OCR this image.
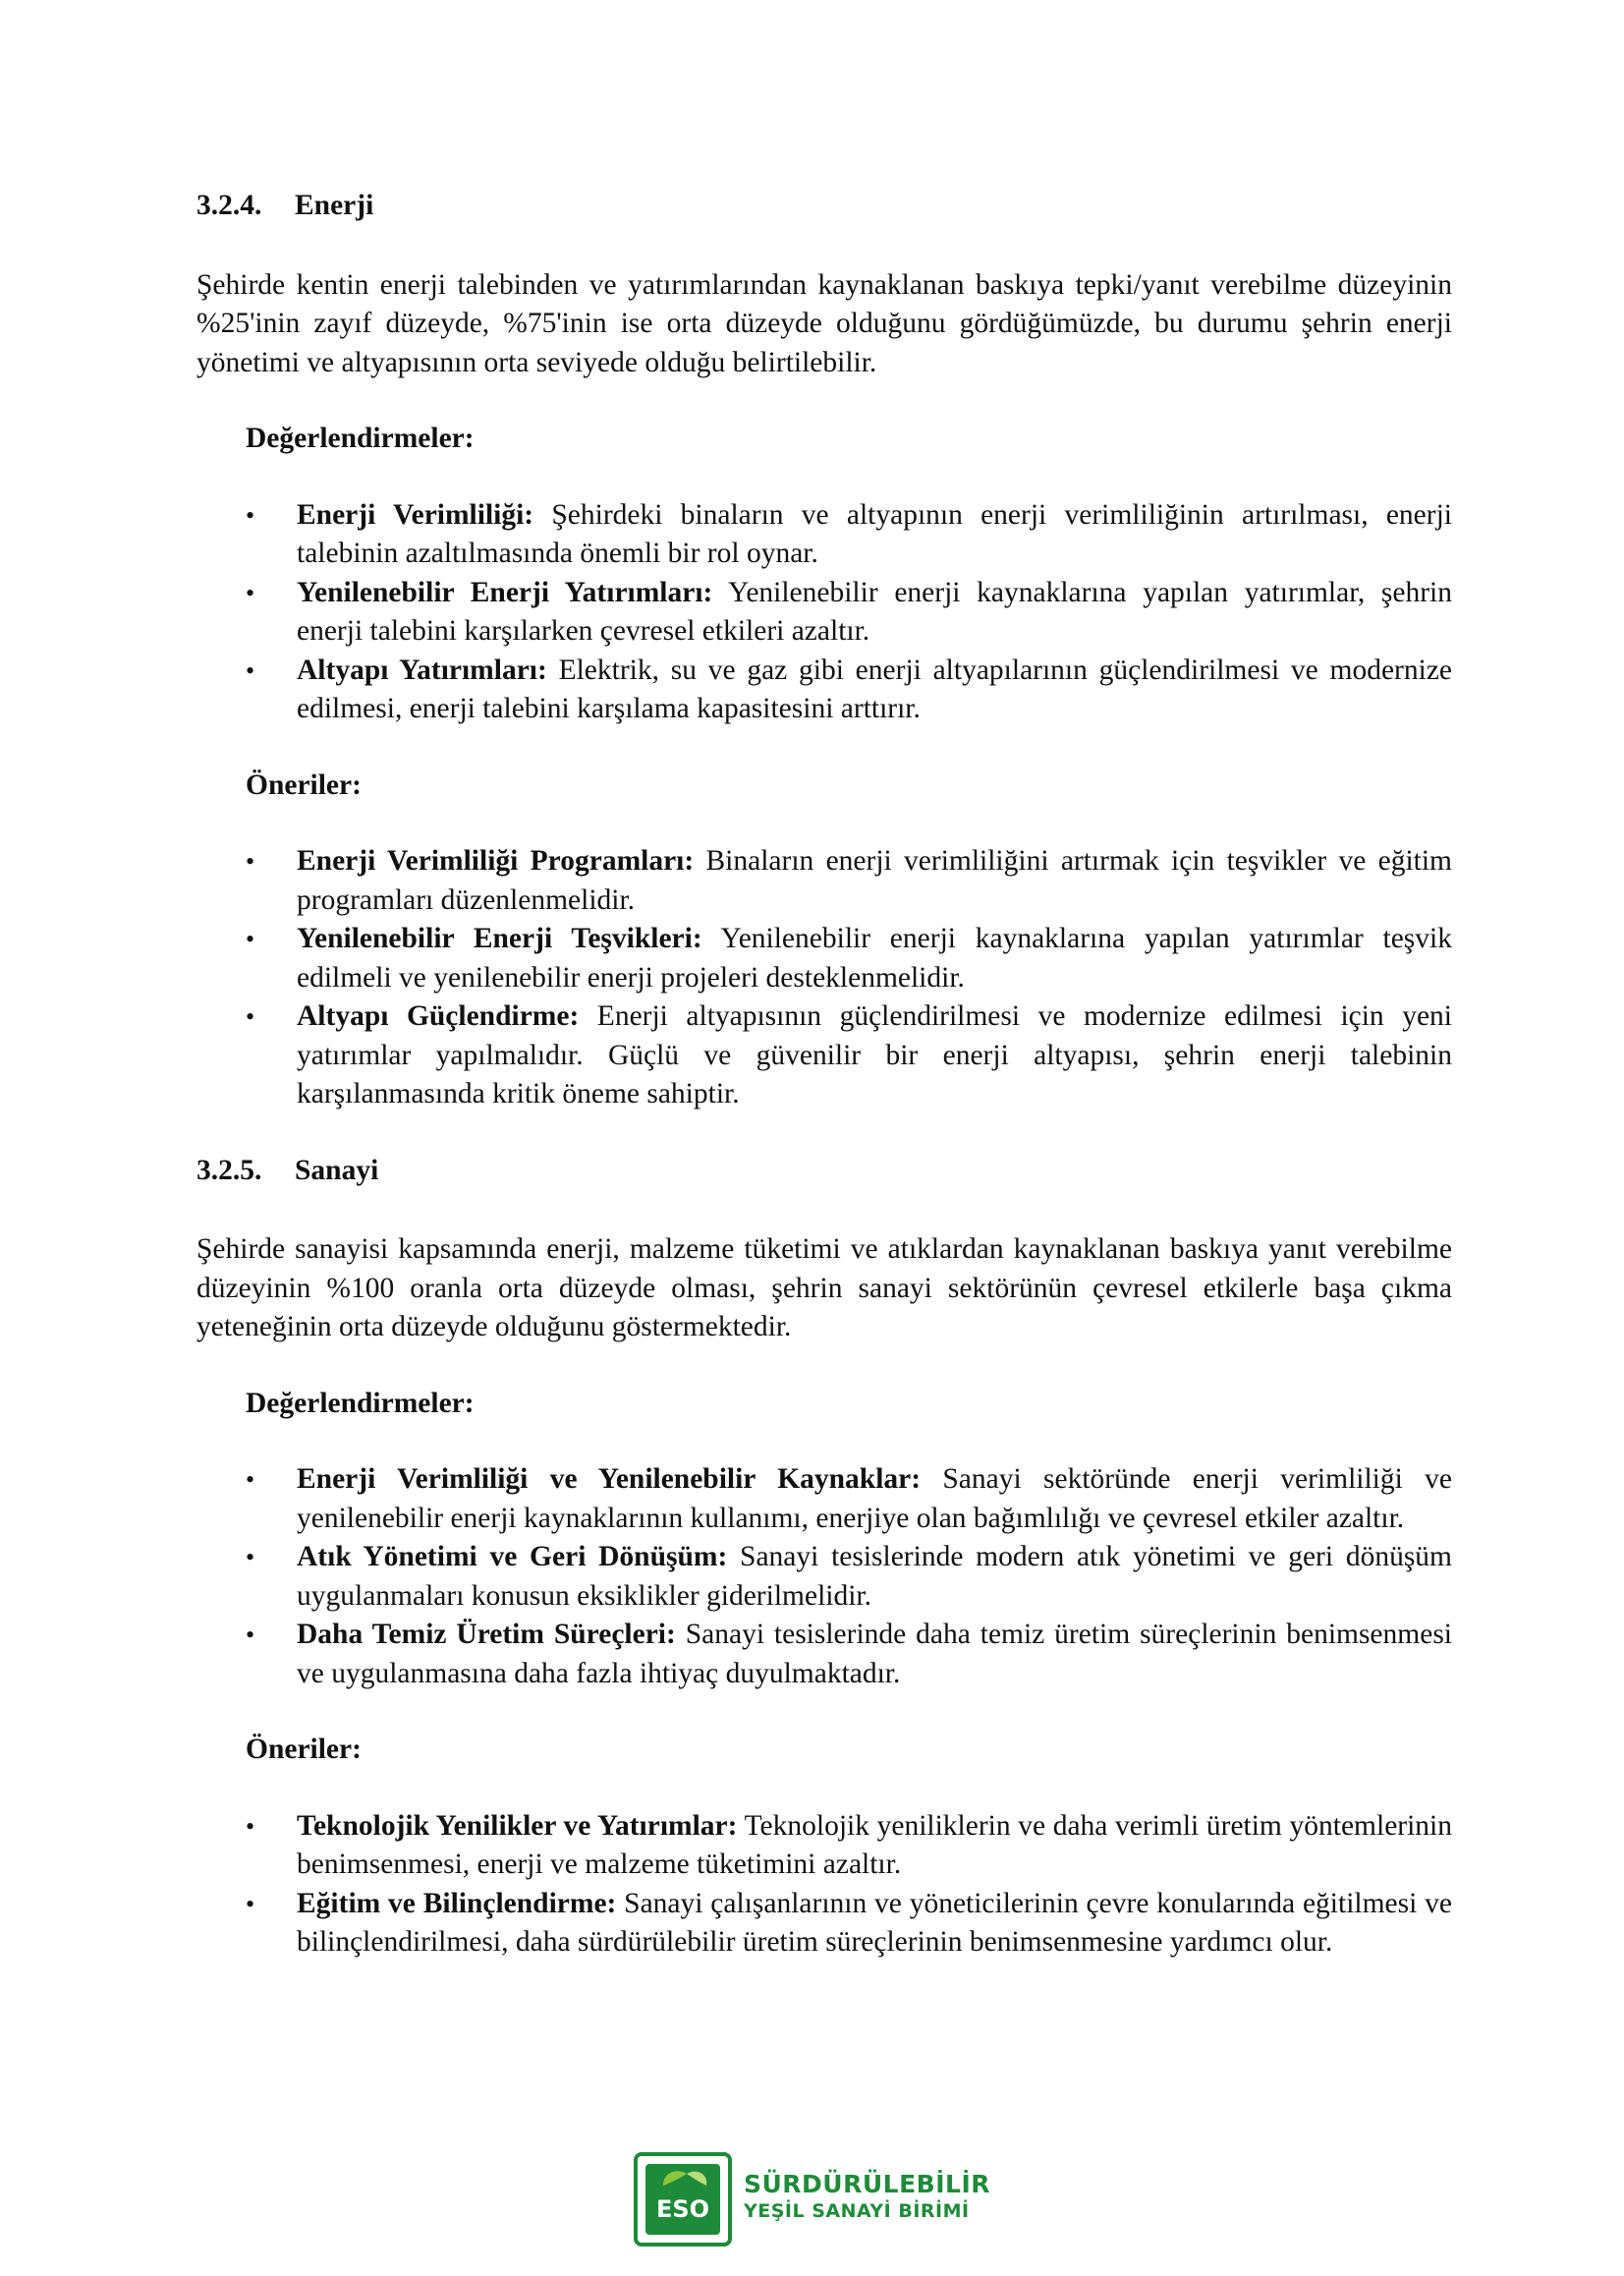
3.2.4. Enerji

Şehirde kentin enerji talebinden ve yatırımlarından kaynaklanan baskıya tepki/yanıt verebilme düzeyinin %25'inin zayıf düzeyde, %75'inin ise orta düzeyde olduğunu gördüğümüzde, bu durumu şehrin enerji yönetimi ve altyapısının orta seviyede olduğu belirtilebilir.

Değerlendirmeler:
• Enerji Verimliliği: Şehirdeki binaların ve altyapının enerji verimliliğinin artırılması, enerji talebinin azaltılmasında önemli bir rol oynar.
• Yenilenebilir Enerji Yatırımları: Yenilenebilir enerji kaynaklarına yapılan yatırımlar, şehrin enerji talebini karşılarken çevresel etkileri azaltır.
• Altyapı Yatırımları: Elektrik, su ve gaz gibi enerji altyapılarının güçlendirilmesi ve modernize edilmesi, enerji talebini karşılama kapasitesini arttırır.
Öneriler:
• Enerji Verimliliği Programları: Binaların enerji verimliliğini artırmak için teşvikler ve eğitim programları düzenlenmelidir.
• Yenilenebilir Enerji Teşvikleri: Yenilenebilir enerji kaynaklarına yapılan yatırımlar teşvik edilmeli ve yenilenebilir enerji projeleri desteklenmelidir.
• Altyapı Güçlendirme: Enerji altyapısının güçlendirilmesi ve modernize edilmesi için yeni yatırımlar yapılmalıdır. Güçlü ve güvenilir bir enerji altyapısı, şehrin enerji talebinin karşılanmasında kritik öneme sahiptir.
3.2.5. Sanayi

Şehirde sanayisi kapsamında enerji, malzeme tüketimi ve atıklardan kaynaklanan baskıya yanıt verebilme düzeyinin %100 oranla orta düzeyde olması, şehrin sanayi sektörünün çevresel etkilerle başa çıkma yeteneğinin orta düzeyde olduğunu göstermektedir.

Değerlendirmeler:
• Enerji Verimliliği ve Yenilenebilir Kaynaklar: Sanayi sektöründe enerji verimliliği ve yenilenebilir enerji kaynaklarının kullanımı, enerjiye olan bağımlılığı ve çevresel etkiler azaltır.
• Atık Yönetimi ve Geri Dönüşüm: Sanayi tesislerinde modern atık yönetimi ve geri dönüşüm uygulanmaları konusun eksiklikler giderilmelidir.
• Daha Temiz Üretim Süreçleri: Sanayi tesislerinde daha temiz üretim süreçlerinin benimsenmesi ve uygulanmasına daha fazla ihtiyaç duyulmaktadır.
Öneriler:
• Teknolojik Yenilikler ve Yatırımlar: Teknolojik yeniliklerin ve daha verimli üretim yöntemlerinin benimsenmesi, enerji ve malzeme tüketimini azaltır.
• Eğitim ve Bilinçlendirme: Sanayi çalışanlarının ve yöneticilerinin çevre konularında eğitilmesi ve bilinçlendirilmesi, daha sürdürülebilir üretim süreçlerinin benimsenmesine yardımcı olur.
ESO
SÜRDÜRÜLEBİLİR
YEŞİL SANAYİ BİRİMİ
